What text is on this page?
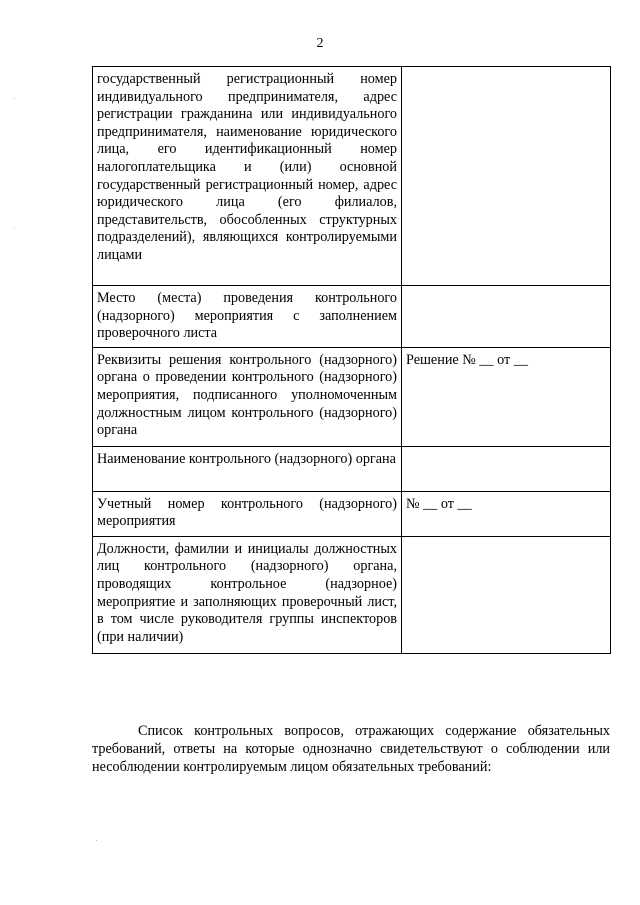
2
государственный регистрационный номер индивидуального предпринимателя, адрес регистрации гражданина или индивидуального предпринимателя, наименование юридического лица, его идентификационный номер налогоплательщика и (или) основной государственный регистрационный номер, адрес юридического лица (его филиалов, представительств, обособленных структурных подразделений), являющихся контролируемыми лицами	
Место (места) проведения контрольного (надзорного) мероприятия с заполнением проверочного листа	
Реквизиты решения контрольного (надзорного) органа о проведении контрольного (надзорного) мероприятия, подписанного уполномоченным должностным лицом контрольного (надзорного) органа	Решение № __ от __
Наименование контрольного (надзорного) органа	
Учетный номер контрольного (надзорного) мероприятия	№ __ от __
Должности, фамилии и инициалы должностных лиц контрольного (надзорного) органа, проводящих контрольное (надзорное) мероприятие и заполняющих проверочный лист, в том числе руководителя группы инспекторов (при наличии)	

Список контрольных вопросов, отражающих содержание обязательных требований, ответы на которые однозначно свидетельствуют о соблюдении или несоблюдении контролируемым лицом обязательных требований:
